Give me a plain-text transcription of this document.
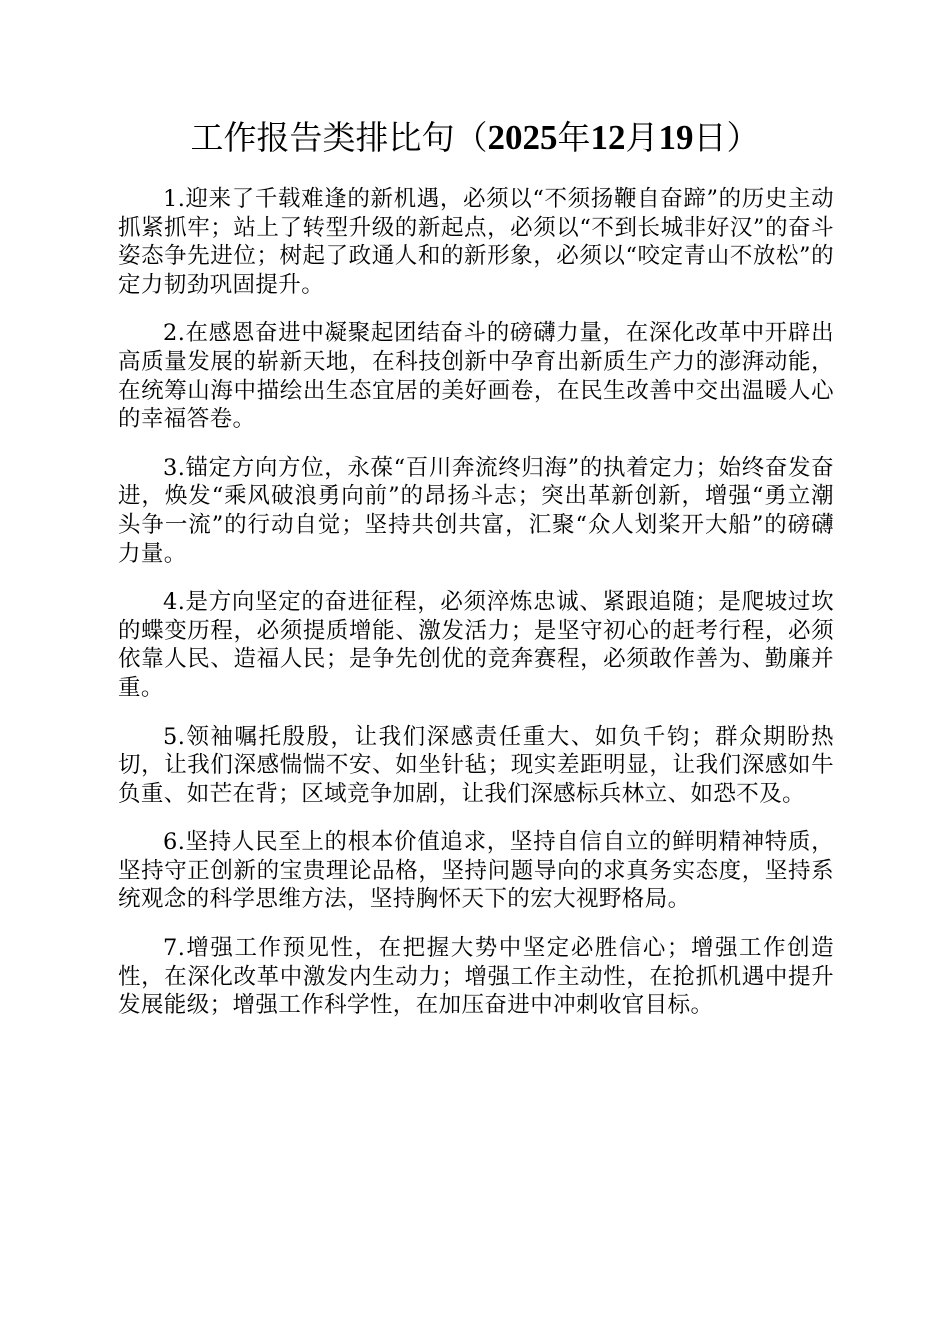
工作报告类排比句（2025年12月19日）

1.迎来了千载难逢的新机遇，必须以“不须扬鞭自奋蹄”的历史主动抓紧抓牢；站上了转型升级的新起点，必须以“不到长城非好汉”的奋斗姿态争先进位；树起了政通人和的新形象，必须以“咬定青山不放松”的定力韧劲巩固提升。

2.在感恩奋进中凝聚起团结奋斗的磅礴力量，在深化改革中开辟出高质量发展的崭新天地，在科技创新中孕育出新质生产力的澎湃动能，在统筹山海中描绘出生态宜居的美好画卷，在民生改善中交出温暖人心的幸福答卷。

3.锚定方向方位，永葆“百川奔流终归海”的执着定力；始终奋发奋进，焕发“乘风破浪勇向前”的昂扬斗志；突出革新创新，增强“勇立潮头争一流”的行动自觉；坚持共创共富，汇聚“众人划桨开大船”的磅礴力量。

4.是方向坚定的奋进征程，必须淬炼忠诚、紧跟追随；是爬坡过坎的蝶变历程，必须提质增能、激发活力；是坚守初心的赶考行程，必须依靠人民、造福人民；是争先创优的竞奔赛程，必须敢作善为、勤廉并重。

5.领袖嘱托殷殷，让我们深感责任重大、如负千钧；群众期盼热切，让我们深感惴惴不安、如坐针毡；现实差距明显，让我们深感如牛负重、如芒在背；区域竞争加剧，让我们深感标兵林立、如恐不及。

6.坚持人民至上的根本价值追求，坚持自信自立的鲜明精神特质，坚持守正创新的宝贵理论品格，坚持问题导向的求真务实态度，坚持系统观念的科学思维方法，坚持胸怀天下的宏大视野格局。

7.增强工作预见性，在把握大势中坚定必胜信心；增强工作创造性，在深化改革中激发内生动力；增强工作主动性，在抢抓机遇中提升发展能级；增强工作科学性，在加压奋进中冲刺收官目标。
